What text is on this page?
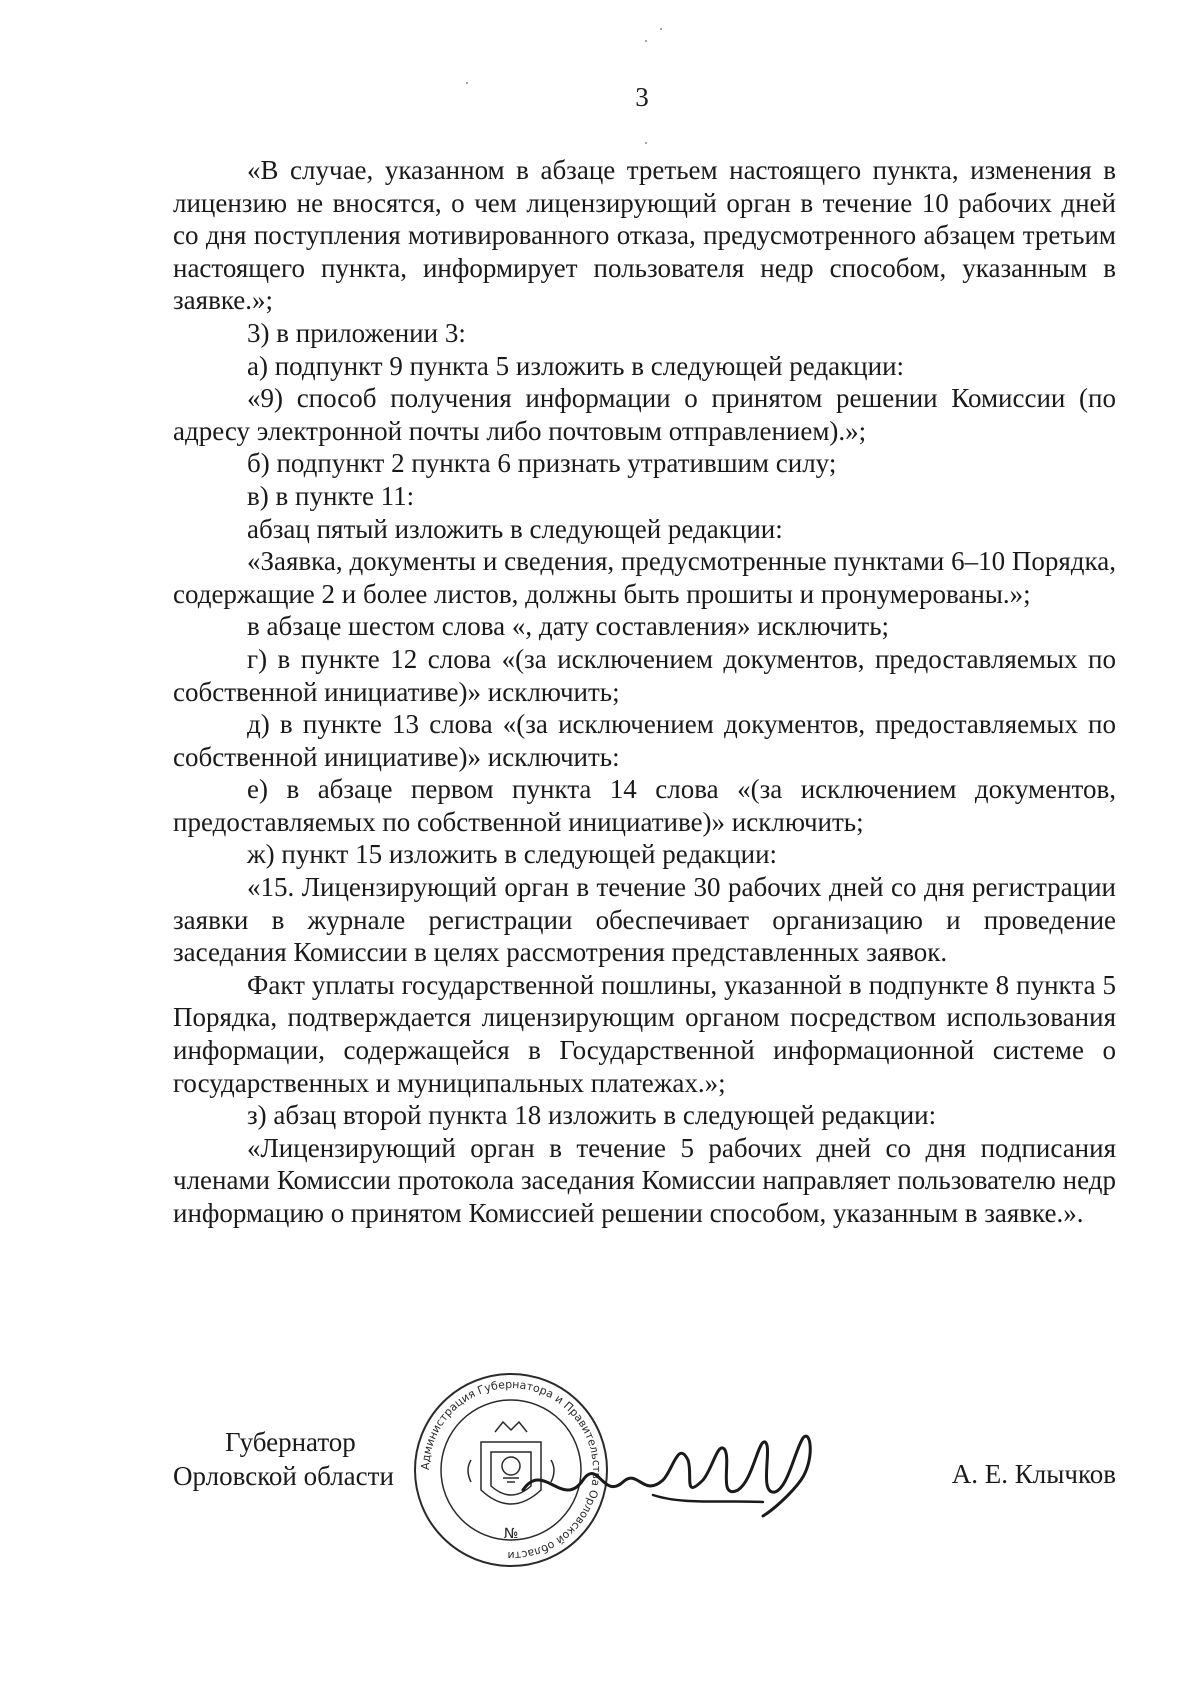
3

«В случае, указанном в абзаце третьем настоящего пункта, изменения в лицензию не вносятся, о чем лицензирующий орган в течение 10 рабочих дней со дня поступления мотивированного отказа, предусмотренного абзацем третьим настоящего пункта, информирует пользователя недр способом, указанным в заявке.»;

3) в приложении 3:

а) подпункт 9 пункта 5 изложить в следующей редакции:

«9) способ получения информации о принятом решении Комиссии (по адресу электронной почты либо почтовым отправлением).»;

б) подпункт 2 пункта 6 признать утратившим силу;

в) в пункте 11:

абзац пятый изложить в следующей редакции:

«Заявка, документы и сведения, предусмотренные пунктами 6–10 Порядка, содержащие 2 и более листов, должны быть прошиты и пронумерованы.»;

в абзаце шестом слова «, дату составления» исключить;

г) в пункте 12 слова «(за исключением документов, предоставляемых по собственной инициативе)» исключить;

д) в пункте 13 слова «(за исключением документов, предоставляемых по собственной инициативе)» исключить:

е) в абзаце первом пункта 14 слова «(за исключением документов, предоставляемых по собственной инициативе)» исключить;

ж) пункт 15 изложить в следующей редакции:

«15. Лицензирующий орган в течение 30 рабочих дней со дня регистрации заявки в журнале регистрации обеспечивает организацию и проведение заседания Комиссии в целях рассмотрения представленных заявок.

Факт уплаты государственной пошлины, указанной в подпункте 8 пункта 5 Порядка, подтверждается лицензирующим органом посредством использования информации, содержащейся в Государственной информационной системе о государственных и муниципальных платежах.»;

з) абзац второй пункта 18 изложить в следующей редакции:

«Лицензирующий орган в течение 5 рабочих дней со дня подписания членами Комиссии протокола заседания Комиссии направляет пользователю недр информацию о принятом Комиссией решении способом, указанным в заявке.».

Губернатор
Орловской области Администрация Губернатора и Правительства Орловской области
№
А. Е. Клычков
